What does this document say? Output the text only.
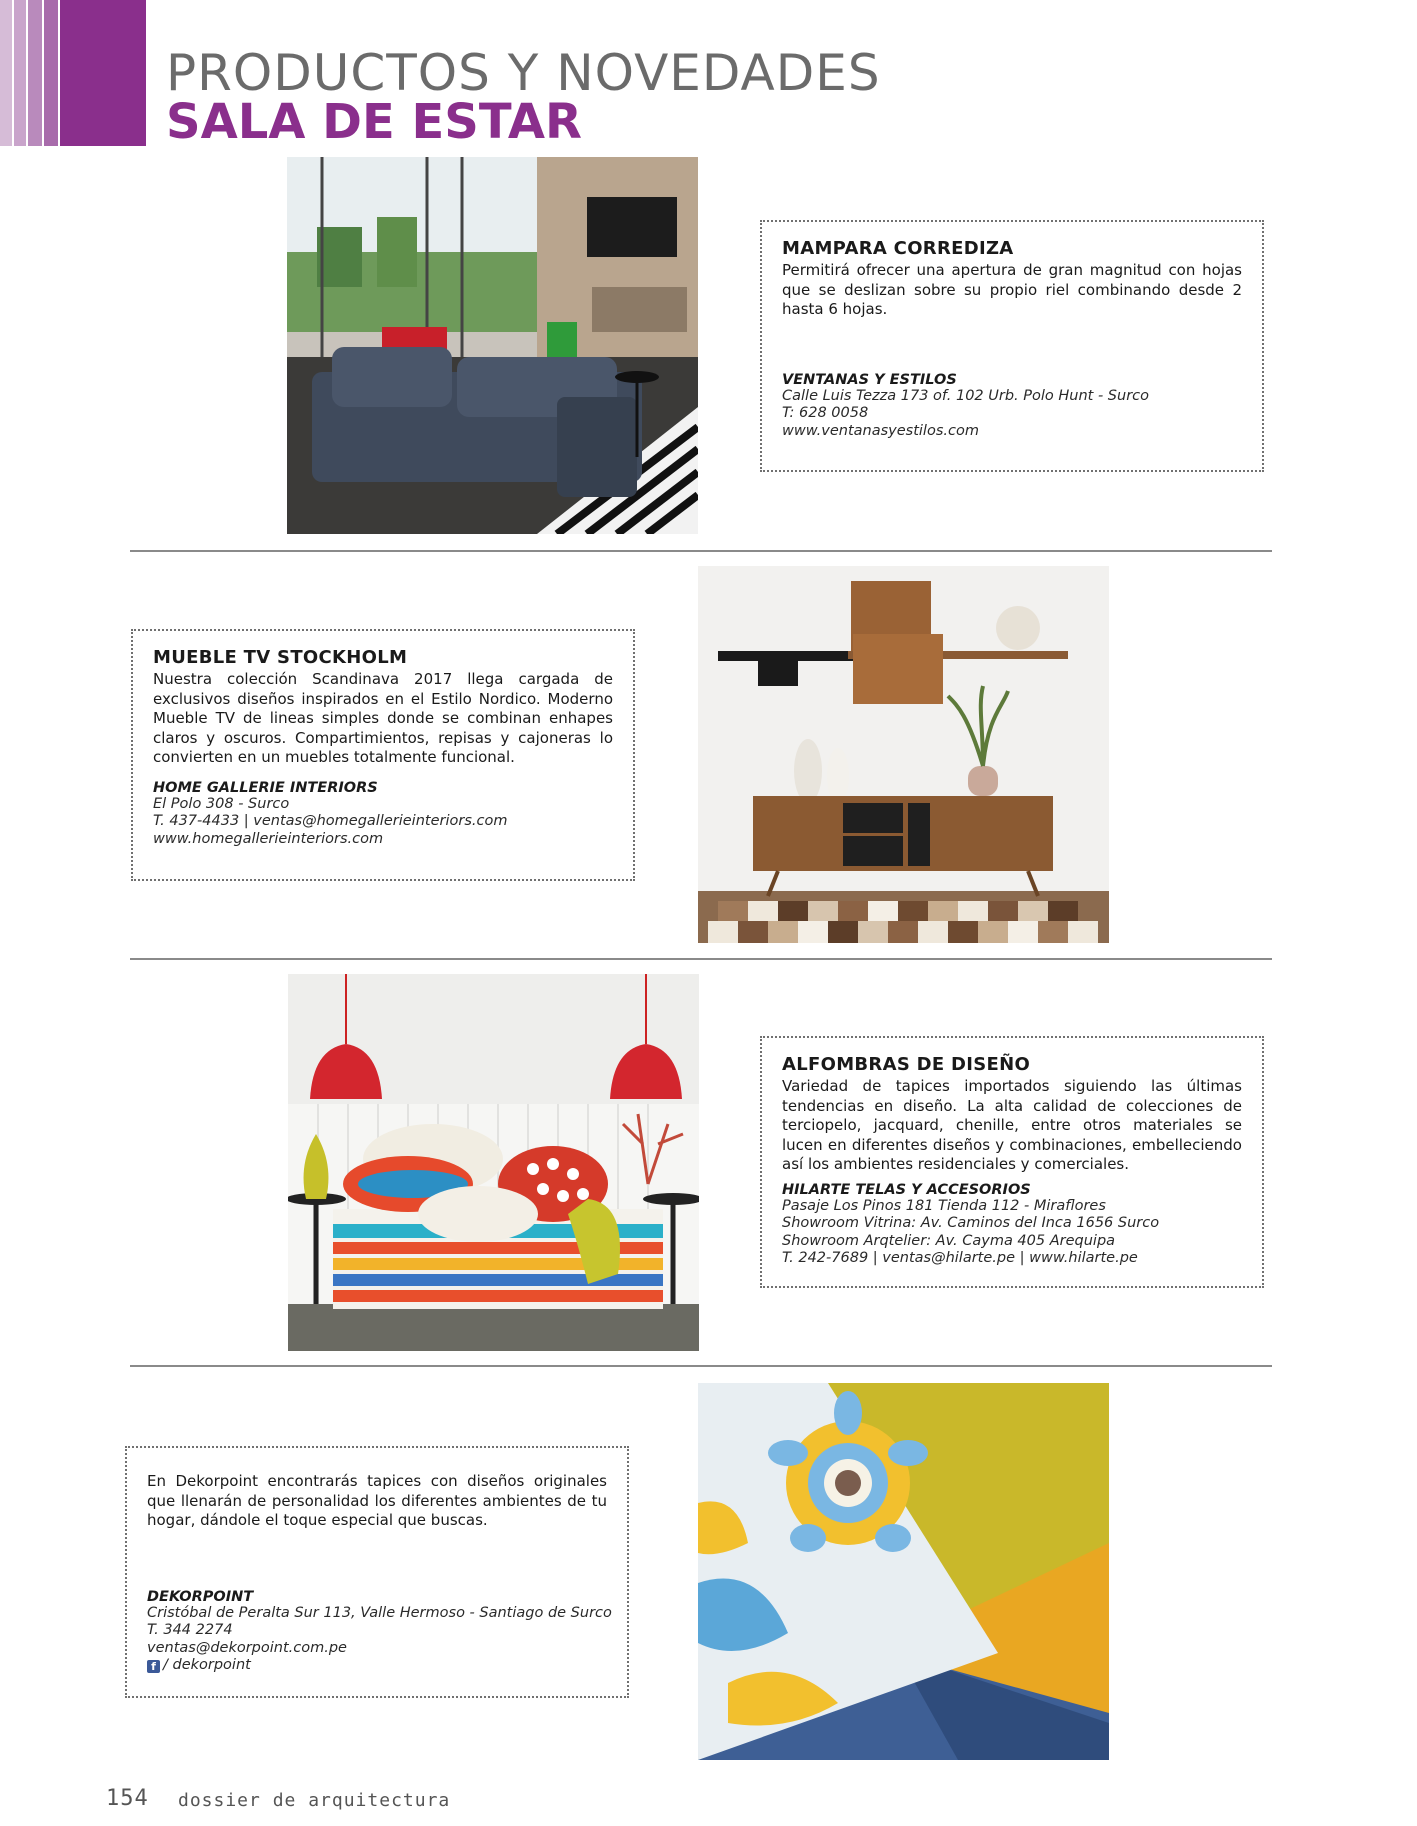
PRODUCTOS Y NOVEDADES
SALA DE ESTAR
MAMPARA CORREDIZA

Permitirá ofrecer una apertura de gran magnitud con hojas que se deslizan sobre su propio riel combinando desde 2 hasta 6 hojas.

VENTANAS Y ESTILOS
Calle Luis Tezza 173 of. 102 Urb. Polo Hunt - Surco
T: 628 0058
www.ventanasyestilos.com
MUEBLE TV STOCKHOLM

Nuestra colección Scandinava 2017 llega cargada de exclusivos diseños inspirados en el Estilo Nordico. Moderno Mueble TV de lineas simples donde se combinan enhapes claros y oscuros. Compartimientos, repisas y cajoneras lo convierten en un muebles totalmente funcional.

HOME GALLERIE INTERIORS
El Polo 308 - Surco
T. 437-4433 | ventas@homegallerieinteriors.com
www.homegallerieinteriors.com
ALFOMBRAS DE DISEÑO

Variedad de tapices importados siguiendo las últimas tendencias en diseño. La alta calidad de colecciones de terciopelo, jacquard, chenille, entre otros materiales se lucen en diferentes diseños y combinaciones, embelleciendo así los ambientes residenciales y comerciales.

HILARTE TELAS Y ACCESORIOS
Pasaje Los Pinos 181 Tienda 112 - Miraflores
Showroom Vitrina: Av. Caminos del Inca 1656 Surco
Showroom Arqtelier: Av. Cayma 405 Arequipa
T. 242-7689 | ventas@hilarte.pe | www.hilarte.pe

En Dekorpoint encontrarás tapices con diseños originales que llenarán de personalidad los diferentes ambientes de tu hogar, dándole el toque especial que buscas.

DEKORPOINT
Cristóbal de Peralta Sur 113, Valle Hermoso - Santiago de Surco
T. 344 2274
ventas@dekorpoint.com.pe
f / dekorpoint
154 dossier de arquitectura
